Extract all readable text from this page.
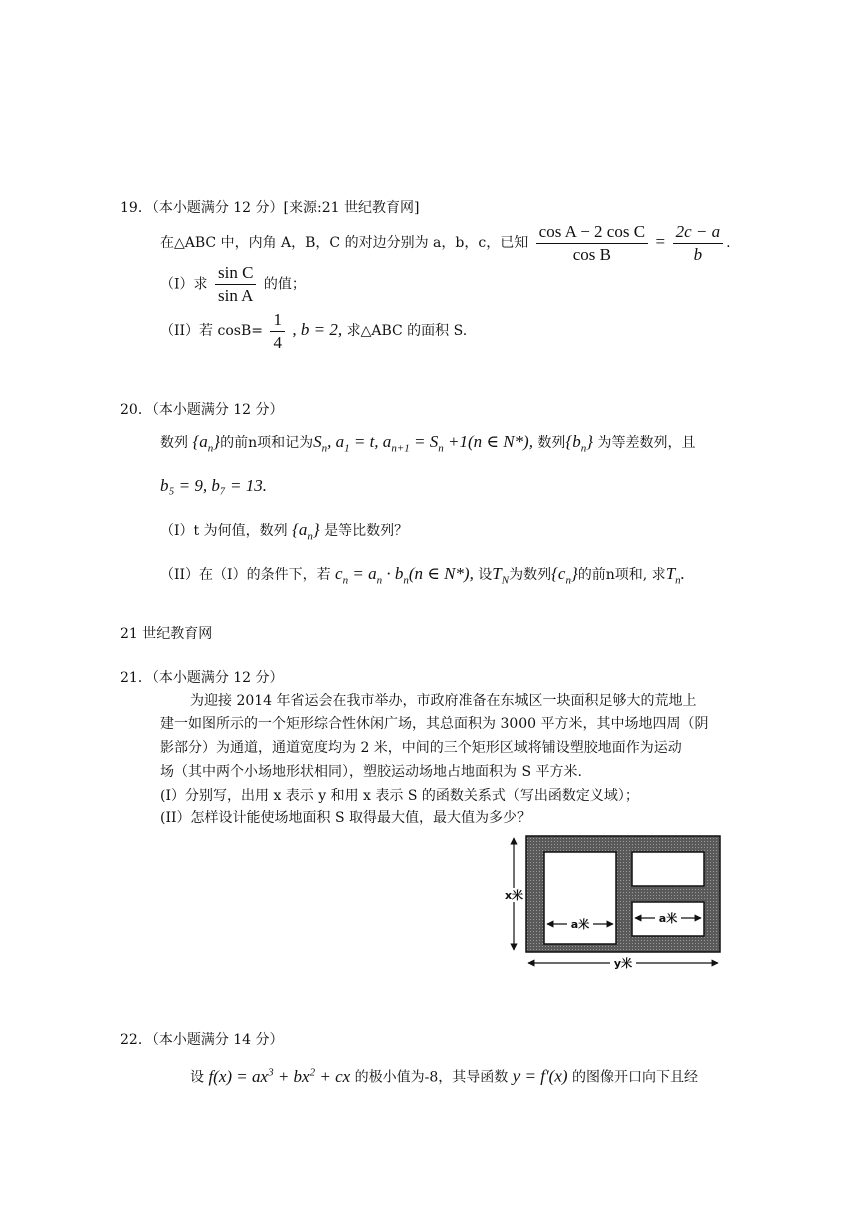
19．（本小题满分 12 分）[来源:21 世纪教育网]
在△ABC 中，内角 A，B，C 的对边分别为 a，b，c，已知 $\frac{\text{cos A − 2 cos C}}{\text{cos B}} = \frac{2c - a}{b}$ .
（I）求 $\frac{\text{sin C}}{\text{sin A}}$ 的值；
（II）若 $\cos B= \frac{1}{4}$ , b = 2, 求△ABC 的面积 S.
20．（本小题满分 12 分）
数列 $\{a_n\}$的前n项和记为$S_n$, $a_1 = t$, $a_{n+1} = S_n +1(n$ ∈ N*), 数列$\{b_n\}$ 为等差数列，且
b₅ = 9, b₇ = 13.
（I）t 为何值，数列 $\{a_n\}$ 是等比数列？
（II）在（I）的条件下，若 $c_n = a_n \cdot b_n(n$ ∈ N*), 设$T_N$为数列$\{c_n\}$的前n项和, 求$T_n$.
21 世纪教育网
21．（本小题满分 12 分）
为迎接 2014 年省运会在我市举办，市政府准备在东城区一块面积足够大的荒地上
建一如图所示的一个矩形综合性休闲广场，其总面积为 3000 平方米，其中场地四周（阴
影部分）为通道，通道宽度均为 2 米，中间的三个矩形区域将铺设塑胶地面作为运动
场（其中两个小场地形状相同），塑胶运动场地占地面积为 S 平方米.
(I）分别写，出用 x 表示 y 和用 x 表示 S 的函数关系式（写出函数定义域）；
(II）怎样设计能使场地面积 S 取得最大值，最大值为多少？
x米
a米	a米
y米
22．（本小题满分 14 分）
设 $f(x) = ax^3 + bx^2$ + cx 的极小值为-8，其导函数 y = f′(x) 的图像开口向下且经
